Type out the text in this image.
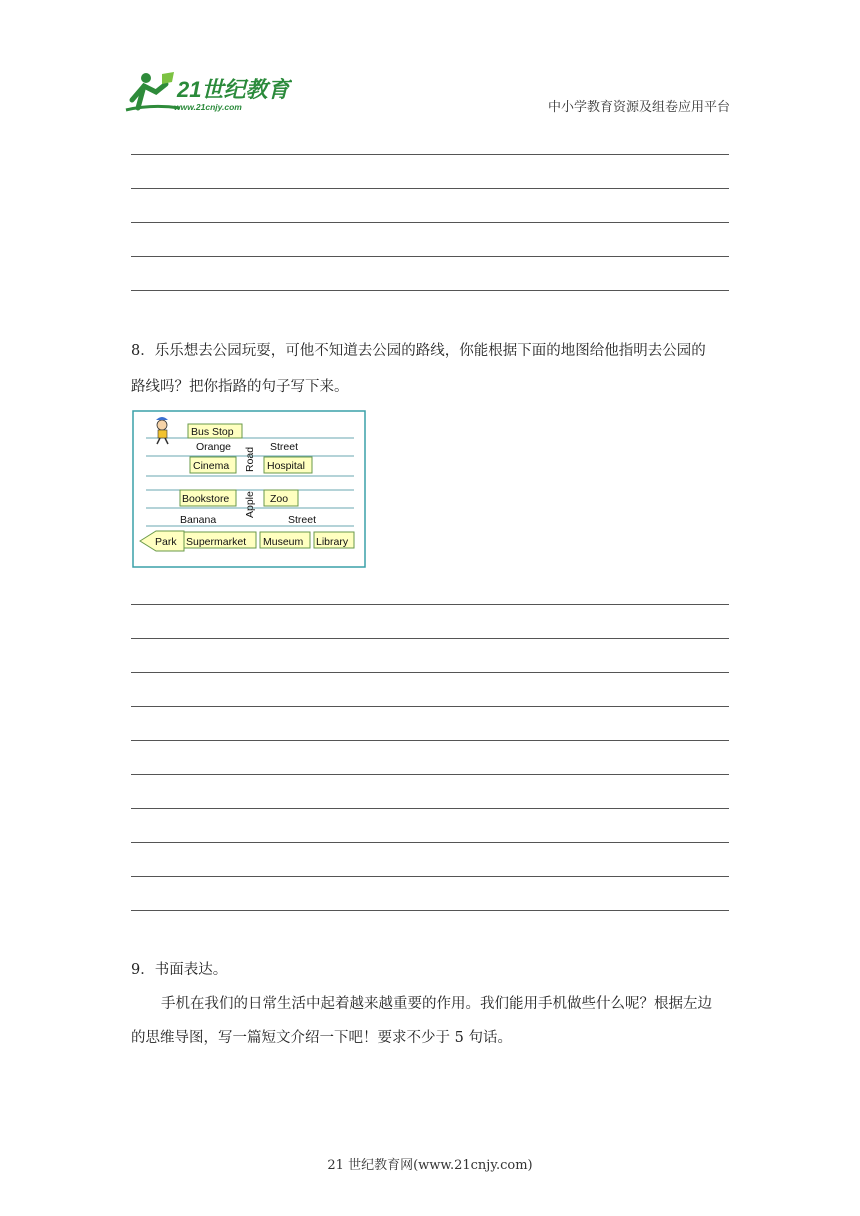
21世纪教育
www.21cnjy.com	中小学教育资源及组卷应用平台
8．乐乐想去公园玩耍，可他不知道去公园的路线，你能根据下面的地图给他指明去公园的
路线吗？把你指路的句子写下来。
Bus Stop
Cinema	Hospital
Bookstore	Zoo
Park Supermarket Museum Library
Orange	Street
Banana	Street
Road
Apple
9．书面表达。
手机在我们的日常生活中起着越来越重要的作用。我们能用手机做些什么呢？根据左边
的思维导图，写一篇短文介绍一下吧！要求不少于 5 句话。
21 世纪教育网(www.21cnjy.com)
